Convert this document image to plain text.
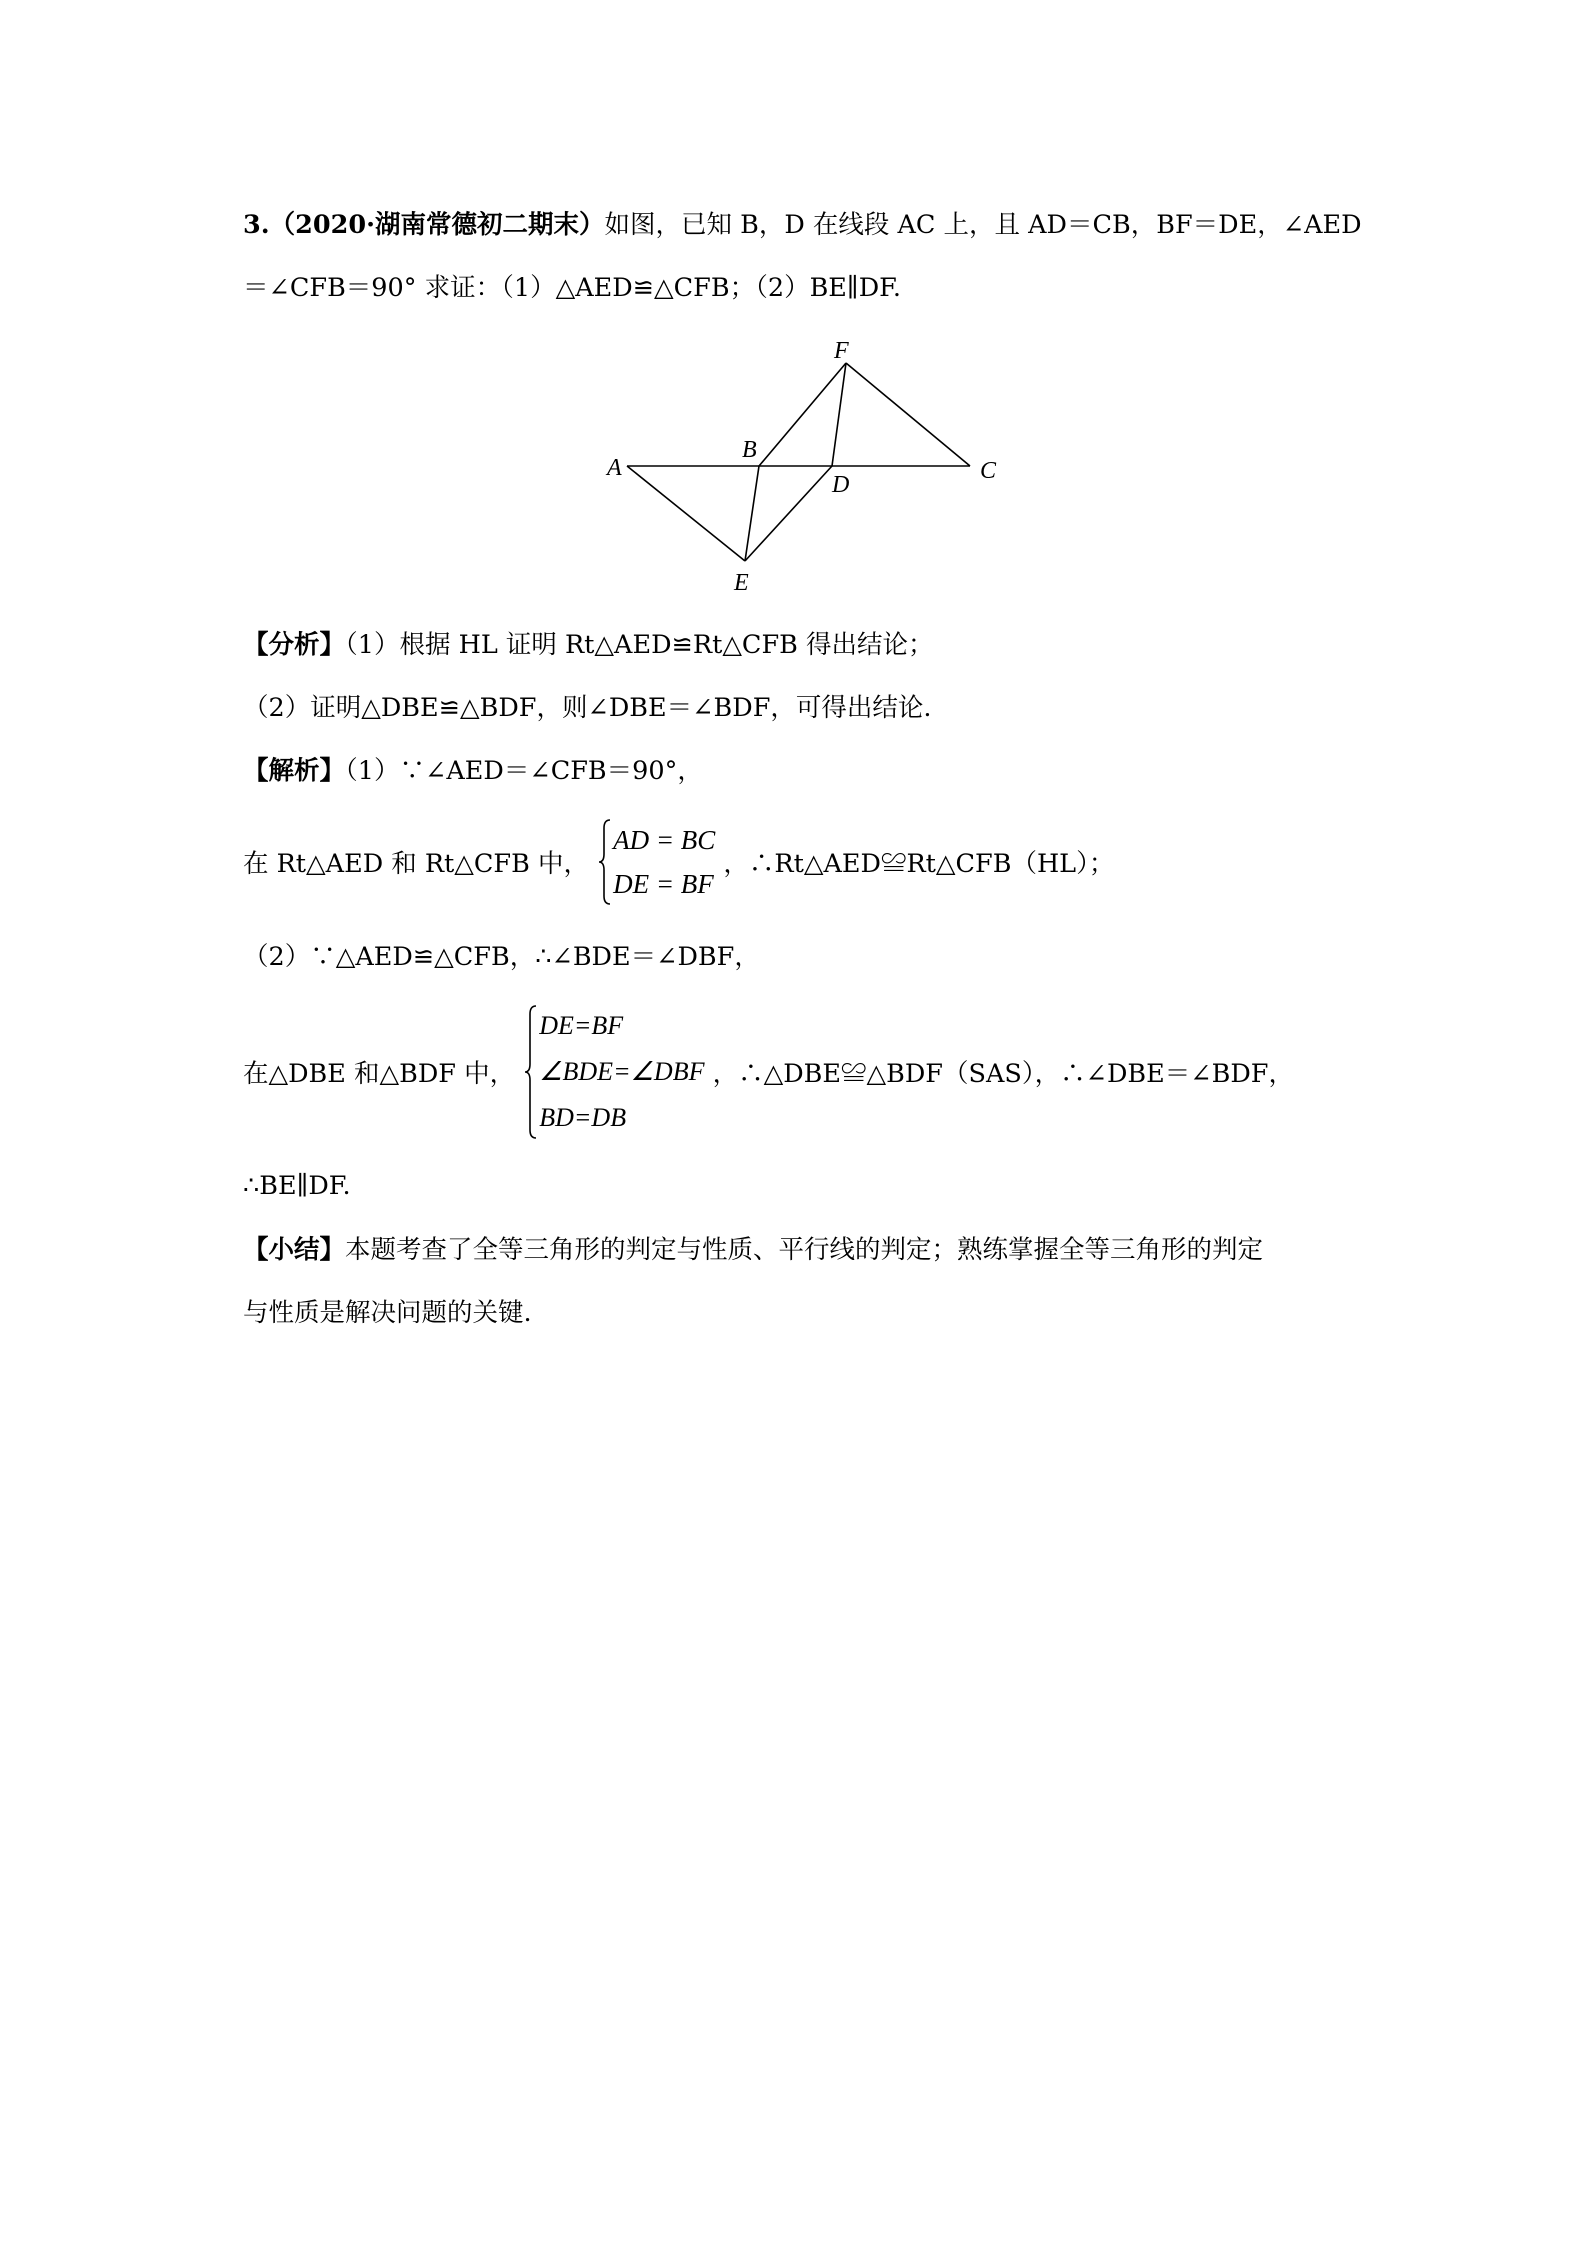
3.（2020·湖南常德初二期末）如图，已知 B，D 在线段 AC 上，且 AD＝CB，BF＝DE，∠AED
＝∠CFB＝90° 求证：（1）△AED≌△CFB；（2）BE∥DF.
A
B
C
D
E
F
【分析】（1）根据 HL 证明 Rt△AED≌Rt△CFB 得出结论；
（2）证明△DBE≌△BDF，则∠DBE＝∠BDF，可得出结论.
【解析】（1）∵∠AED＝∠CFB＝90°，
在 Rt△AED 和 Rt△CFB 中，
AD = BC
DE = BF
，∴Rt△AED≌Rt△CFB（HL）；
（2）∵△AED≌△CFB，∴∠BDE＝∠DBF，
在△DBE 和△BDF 中，
DE=BF
∠BDE=∠DBF
BD=DB
，∴△DBE≌△BDF（SAS），∴∠DBE＝∠BDF，
∴BE∥DF.
【小结】本题考查了全等三角形的判定与性质、平行线的判定；熟练掌握全等三角形的判定
与性质是解决问题的关键.
